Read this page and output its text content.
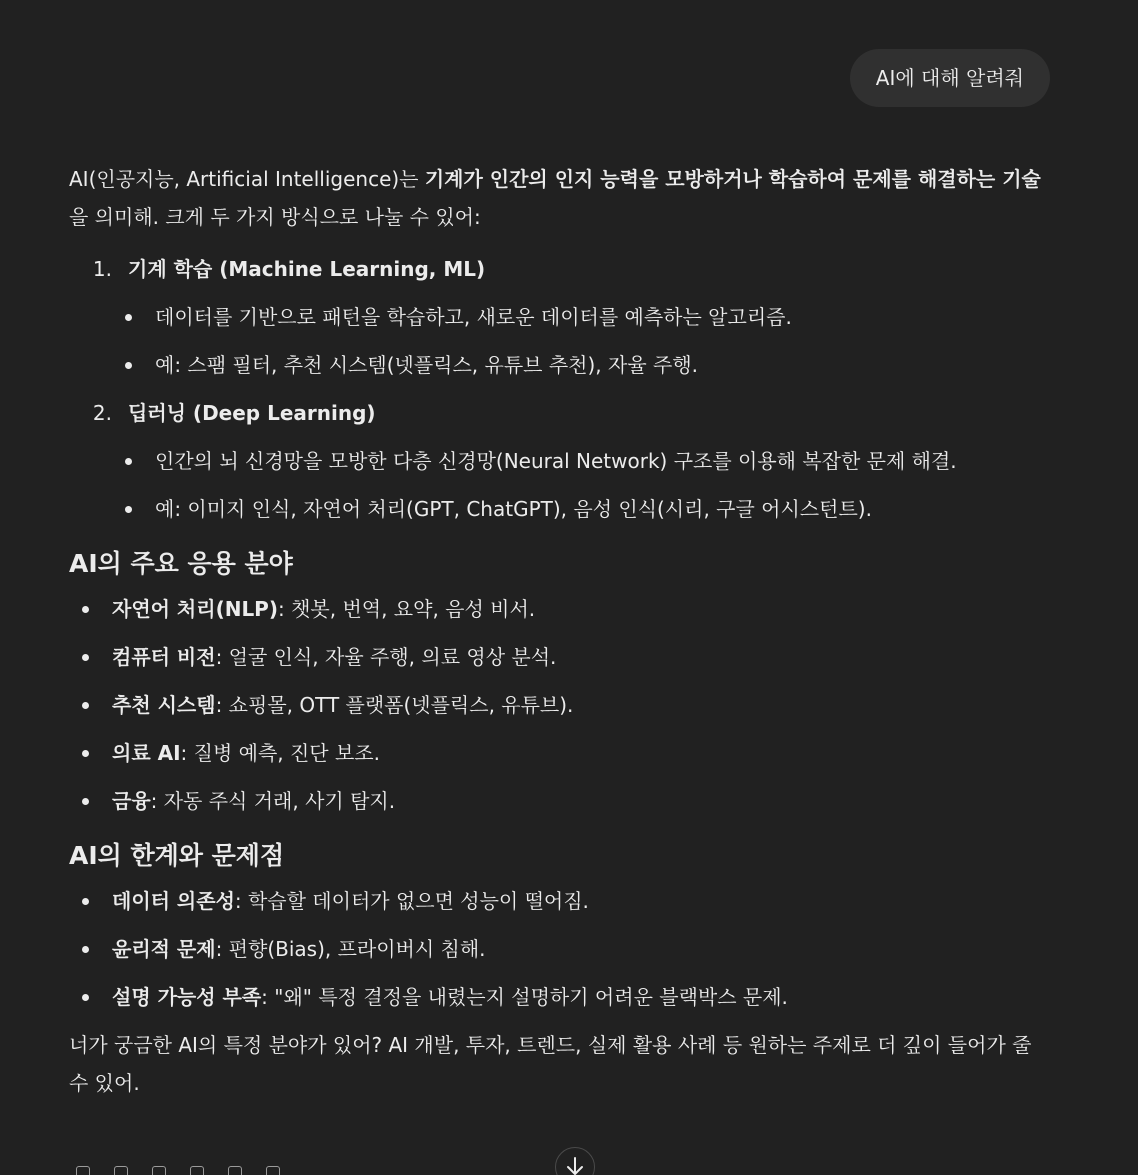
AI에 대해 알려줘

AI(인공지능, Artificial Intelligence)는 기계가 인간의 인지 능력을 모방하거나 학습하여 문제를 해결하는 기술을 의미해. 크게 두 가지 방식으로 나눌 수 있어:

1. 기계 학습 (Machine Learning, ML)
데이터를 기반으로 패턴을 학습하고, 새로운 데이터를 예측하는 알고리즘.
예: 스팸 필터, 추천 시스템(넷플릭스, 유튜브 추천), 자율 주행.
2. 딥러닝 (Deep Learning)
인간의 뇌 신경망을 모방한 다층 신경망(Neural Network) 구조를 이용해 복잡한 문제 해결.
예: 이미지 인식, 자연어 처리(GPT, ChatGPT), 음성 인식(시리, 구글 어시스턴트).
AI의 주요 응용 분야
자연어 처리(NLP): 챗봇, 번역, 요약, 음성 비서.
컴퓨터 비전: 얼굴 인식, 자율 주행, 의료 영상 분석.
추천 시스템: 쇼핑몰, OTT 플랫폼(넷플릭스, 유튜브).
의료 AI: 질병 예측, 진단 보조.
금융: 자동 주식 거래, 사기 탐지.
AI의 한계와 문제점
데이터 의존성: 학습할 데이터가 없으면 성능이 떨어짐.
윤리적 문제: 편향(Bias), 프라이버시 침해.
설명 가능성 부족: "왜" 특정 결정을 내렸는지 설명하기 어려운 블랙박스 문제.

너가 궁금한 AI의 특정 분야가 있어? AI 개발, 투자, 트렌드, 실제 활용 사례 등 원하는 주제로 더 깊이 들어가 줄 수 있어.
